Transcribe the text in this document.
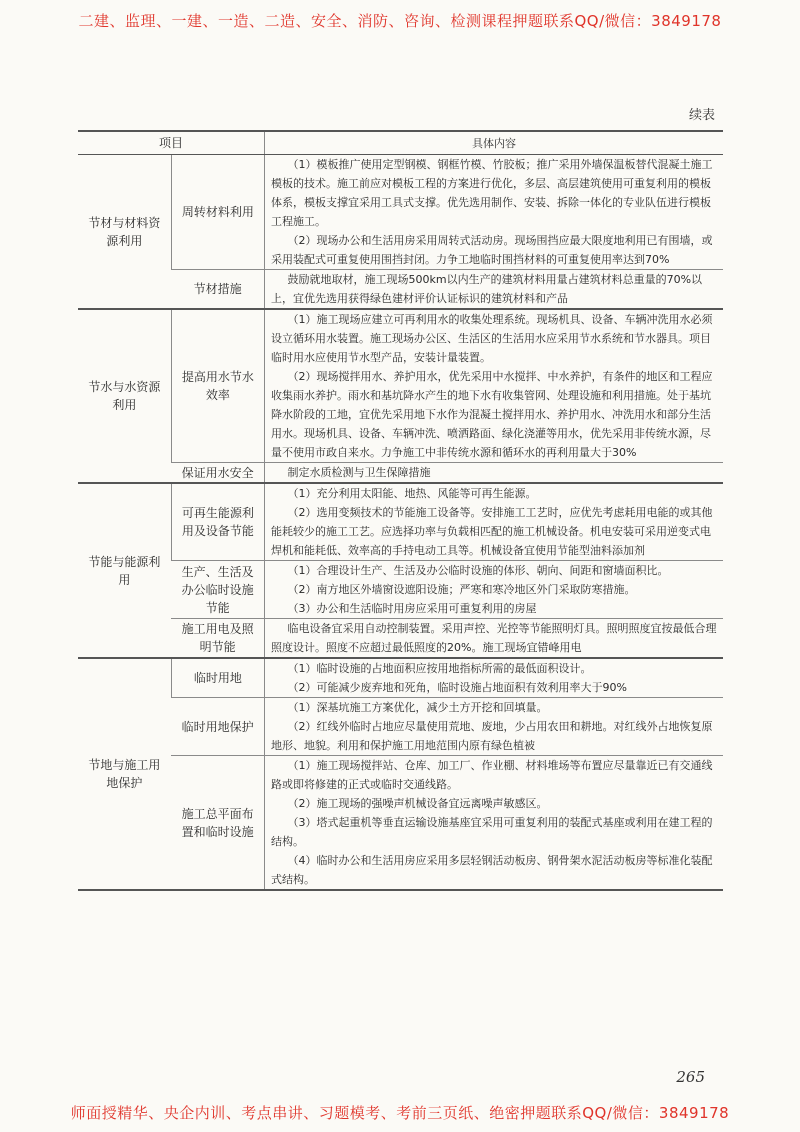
二建、监理、一建、一造、二造、安全、消防、咨询、检测课程押题联系QQ/微信：3849178
续表
项目		具体内容
节材与材料资源利用	周转材料利用	（1）模板推广使用定型钢模、钢框竹模、竹胶板；推广采用外墙保温板替代混凝土施工模板的技术。施工前应对模板工程的方案进行优化，多层、高层建筑使用可重复利用的模板体系，模板支撑宜采用工具式支撑。优先选用制作、安装、拆除一体化的专业队伍进行模板工程施工。

（2）现场办公和生活用房采用周转式活动房。现场围挡应最大限度地利用已有围墙，或采用装配式可重复使用围挡封闭。力争工地临时围挡材料的可重复使用率达到70%

	节材措施	鼓励就地取材，施工现场500km以内生产的建筑材料用量占建筑材料总重量的70%以上，宜优先选用获得绿色建材评价认证标识的建筑材料和产品

节水与水资源利用	提高用水节水效率	（1）施工现场应建立可再利用水的收集处理系统。现场机具、设备、车辆冲洗用水必须设立循环用水装置。施工现场办公区、生活区的生活用水应采用节水系统和节水器具。项目临时用水应使用节水型产品，安装计量装置。

（2）现场搅拌用水、养护用水，优先采用中水搅拌、中水养护，有条件的地区和工程应收集雨水养护。雨水和基坑降水产生的地下水有收集管网、处理设施和利用措施。处于基坑降水阶段的工地，宜优先采用地下水作为混凝土搅拌用水、养护用水、冲洗用水和部分生活用水。现场机具、设备、车辆冲洗、喷洒路面、绿化浇灌等用水，优先采用非传统水源，尽量不使用市政自来水。力争施工中非传统水源和循环水的再利用量大于30%

	保证用水安全	制定水质检测与卫生保障措施

节能与能源利用	可再生能源利用及设备节能	（1）充分利用太阳能、地热、风能等可再生能源。

（2）选用变频技术的节能施工设备等。安排施工工艺时，应优先考虑耗用电能的或其他能耗较少的施工工艺。应选择功率与负载相匹配的施工机械设备。机电安装可采用逆变式电焊机和能耗低、效率高的手持电动工具等。机械设备宜使用节能型油料添加剂

	生产、生活及办公临时设施节能	（1）合理设计生产、生活及办公临时设施的体形、朝向、间距和窗墙面积比。

（2）南方地区外墙窗设遮阳设施；严寒和寒冷地区外门采取防寒措施。

（3）办公和生活临时用房应采用可重复利用的房屋

	施工用电及照明节能	临电设备宜采用自动控制装置。采用声控、光控等节能照明灯具。照明照度宜按最低合理照度设计。照度不应超过最低照度的20%。施工现场宜错峰用电

节地与施工用地保护	临时用地	（1）临时设施的占地面积应按用地指标所需的最低面积设计。

（2）可能减少废弃地和死角，临时设施占地面积有效利用率大于90%

	临时用地保护	（1）深基坑施工方案优化，减少土方开挖和回填量。

（2）红线外临时占地应尽量使用荒地、废地，少占用农田和耕地。对红线外占地恢复原地形、地貌。利用和保护施工用地范围内原有绿色植被

	施工总平面布置和临时设施	（1）施工现场搅拌站、仓库、加工厂、作业棚、材料堆场等布置应尽量靠近已有交通线路或即将修建的正式或临时交通线路。

（2）施工现场的强噪声机械设备宜远离噪声敏感区。

（3）塔式起重机等垂直运输设施基座宜采用可重复利用的装配式基座或利用在建工程的结构。

（4）临时办公和生活用房应采用多层轻钢活动板房、钢骨架水泥活动板房等标准化装配式结构。

265
师面授精华、央企内训、考点串讲、习题模考、考前三页纸、绝密押题联系QQ/微信：3849178
